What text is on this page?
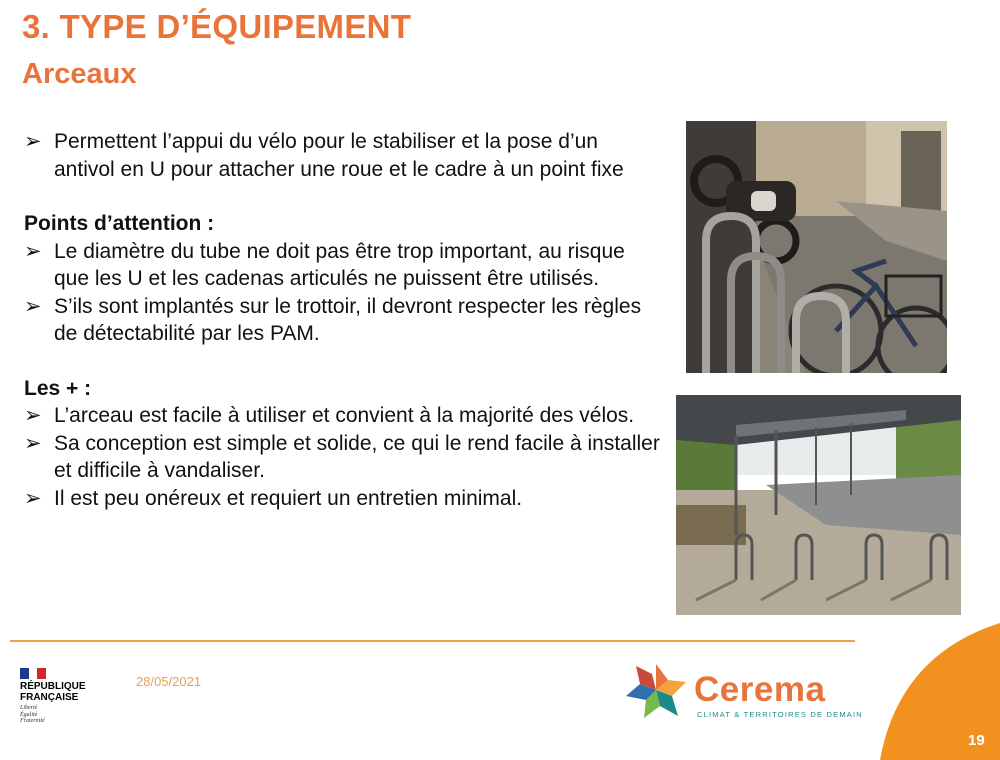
3. TYPE D’ÉQUIPEMENT
Arceaux
➢ Permettent l’appui du vélo pour le stabiliser et la pose d’un antivol en U pour attacher une roue et le cadre à un point fixe
Points d’attention :
➢ Le diamètre du tube ne doit pas être trop important, au risque que les U et les cadenas articulés ne puissent être utilisés.
➢ S’ils sont implantés sur le trottoir, il devront respecter les règles de détectabilité par les PAM.
Les + :
➢ L’arceau est facile à utiliser et convient à la majorité des vélos.
➢ Sa conception est simple et solide, ce qui le rend facile à installer et difficile à vandaliser.
➢ Il est peu onéreux et requiert un entretien minimal.
RÉPUBLIQUE
FRANÇAISE
Liberté
Égalité
Fraternité
28/05/2021	Cerema
CLIMAT & TERRITOIRES DE DEMAIN
19
